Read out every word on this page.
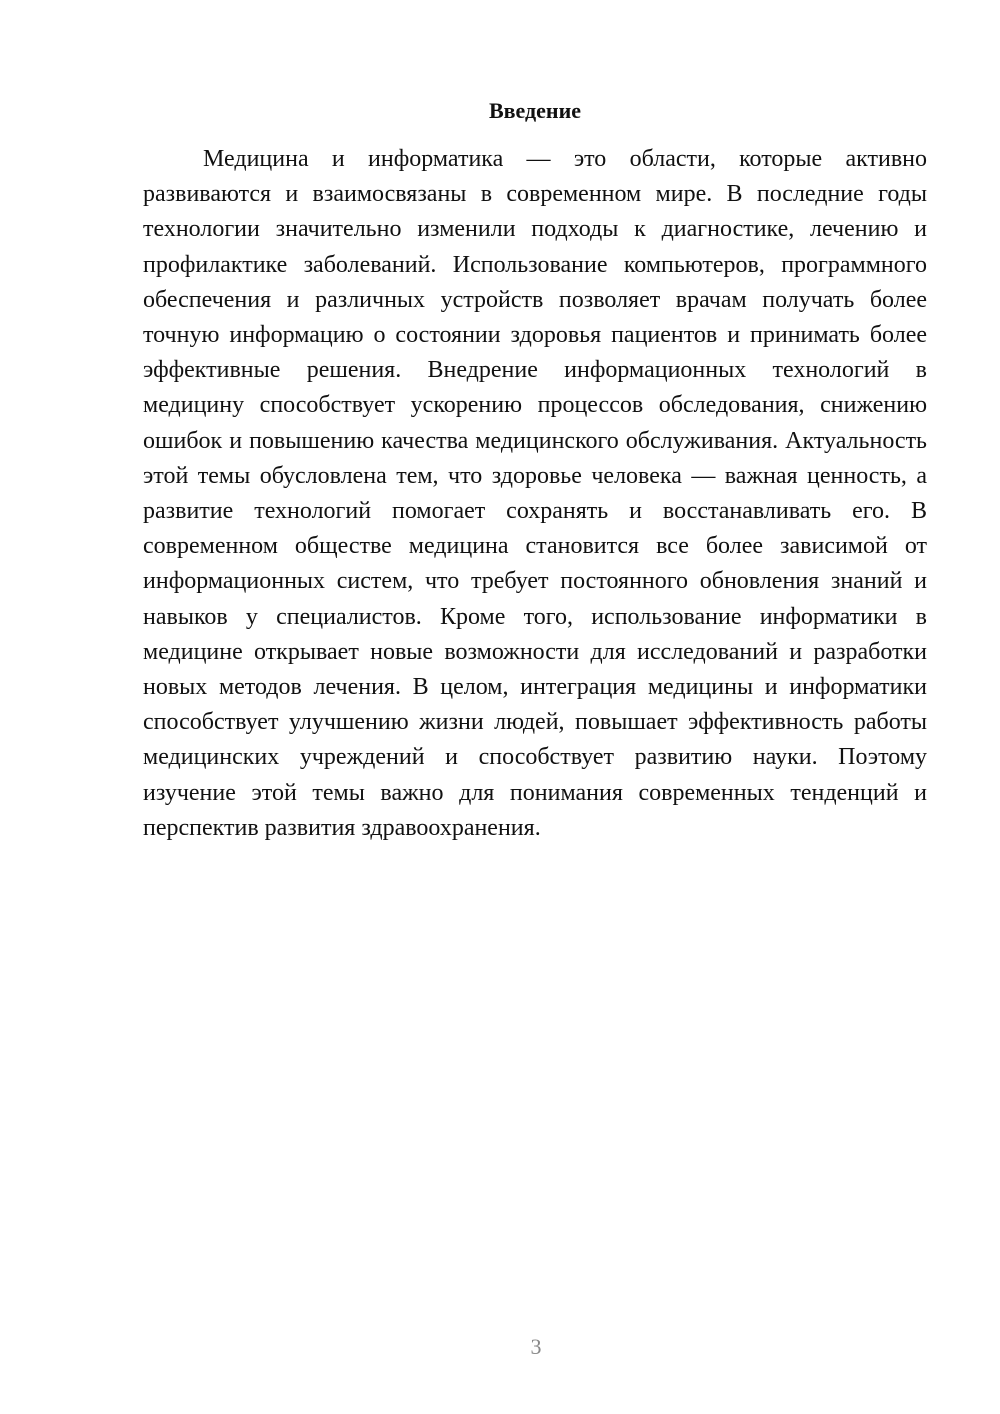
Введение

Медицина и информатика — это области, которые активно развиваются и взаимосвязаны в современном мире. В последние годы технологии значительно изменили подходы к диагностике, лечению и профилактике заболеваний. Использование компьютеров, программного обеспечения и различных устройств позволяет врачам получать более точную информацию о состоянии здоровья пациентов и принимать более эффективные решения. Внедрение информационных технологий в медицину способствует ускорению процессов обследования, снижению ошибок и повышению качества медицинского обслуживания. Актуальность этой темы обусловлена тем, что здоровье человека — важная ценность, а развитие технологий помогает сохранять и восстанавливать его. В современном обществе медицина становится все более зависимой от информационных систем, что требует постоянного обновления знаний и навыков у специалистов. Кроме того, использование информатики в медицине открывает новые возможности для исследований и разработки новых методов лечения. В целом, интеграция медицины и информатики способствует улучшению жизни людей, повышает эффективность работы медицинских учреждений и способствует развитию науки. Поэтому изучение этой темы важно для понимания современных тенденций и перспектив развития здравоохранения.

3
